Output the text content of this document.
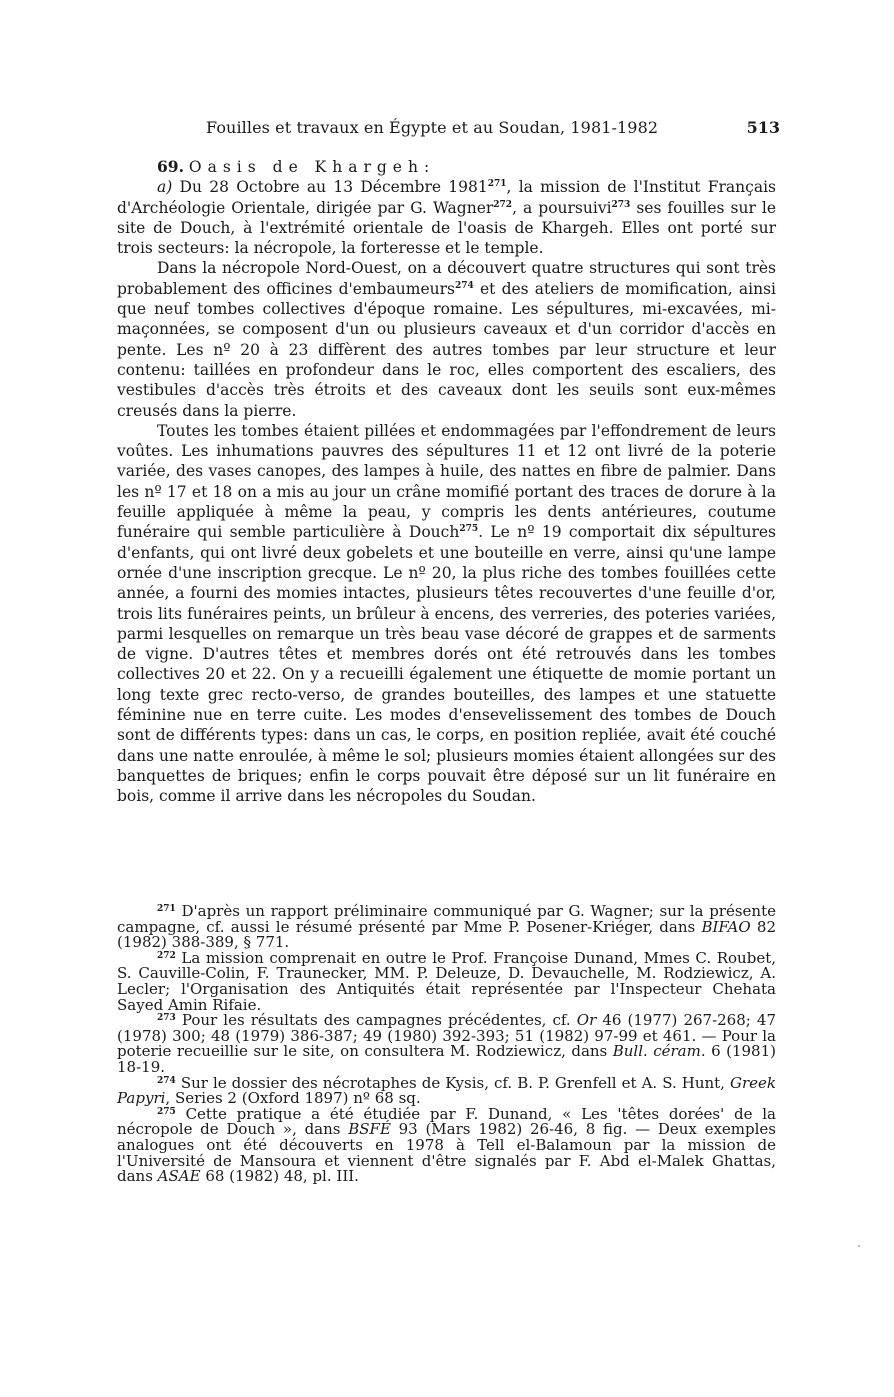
Fouilles et travaux en Égypte et au Soudan, 1981-1982	513

69. Oasis de Khargeh:

a) Du 28 Octobre au 13 Décembre 1981$^{271}$, la mission de l'Institut Français d'Archéologie Orientale, dirigée par G. Wagner$^{272}$, a poursuivi$^{273}$ ses fouilles sur le site de Douch, à l'extrémité orientale de l'oasis de Khargeh. Elles ont porté sur trois secteurs: la nécropole, la forteresse et le temple.

Dans la nécropole Nord-Ouest, on a découvert quatre structures qui sont très probablement des officines d'embaumeurs$^{274}$ et des ateliers de momification, ainsi que neuf tombes collectives d'époque romaine. Les sépultures, mi-excavées, mi-maçonnées, se composent d'un ou plusieurs caveaux et d'un corridor d'accès en pente. Les nº 20 à 23 diffèrent des autres tombes par leur structure et leur contenu: taillées en profondeur dans le roc, elles comportent des escaliers, des vestibules d'accès très étroits et des caveaux dont les seuils sont eux-mêmes creusés dans la pierre.

Toutes les tombes étaient pillées et endommagées par l'effondrement de leurs voûtes. Les inhumations pauvres des sépultures 11 et 12 ont livré de la poterie variée, des vases canopes, des lampes à huile, des nattes en fibre de palmier. Dans les nº 17 et 18 on a mis au jour un crâne momifié portant des traces de dorure à la feuille appliquée à même la peau, y compris les dents antérieures, coutume funéraire qui semble particulière à Douch$^{275}$. Le nº 19 comportait dix sépultures d'enfants, qui ont livré deux gobelets et une bouteille en verre, ainsi qu'une lampe ornée d'une inscription grecque. Le nº 20, la plus riche des tombes fouillées cette année, a fourni des momies intactes, plusieurs têtes recouvertes d'une feuille d'or, trois lits funéraires peints, un brûleur à encens, des verreries, des poteries variées, parmi lesquelles on remarque un très beau vase décoré de grappes et de sarments de vigne. D'autres têtes et membres dorés ont été retrouvés dans les tombes collectives 20 et 22. On y a recueilli également une étiquette de momie portant un long texte grec recto-verso, de grandes bouteilles, des lampes et une statuette féminine nue en terre cuite. Les modes d'ensevelissement des tombes de Douch sont de différents types: dans un cas, le corps, en position repliée, avait été couché dans une natte enroulée, à même le sol; plusieurs momies étaient allongées sur des banquettes de briques; enfin le corps pouvait être déposé sur un lit funéraire en bois, comme il arrive dans les nécropoles du Soudan.

$^{271}$ D'après un rapport préliminaire communiqué par G. Wagner; sur la présente campagne, cf. aussi le résumé présenté par Mme P. Posener-Kriéger, dans BIFAO 82 (1982) 388-389, § 771.

$^{272}$ La mission comprenait en outre le Prof. Françoise Dunand, Mmes C. Roubet, S. Cauville-Colin, F. Traunecker, MM. P. Deleuze, D. Devauchelle, M. Rodziewicz, A. Lecler; l'Organisation des Antiquités était représentée par l'Inspecteur Chehata Sayed Amin Rifaie.

$^{273}$ Pour les résultats des campagnes précédentes, cf. Or 46 (1977) 267-268; 47 (1978) 300; 48 (1979) 386-387; 49 (1980) 392-393; 51 (1982) 97-99 et 461. — Pour la poterie recueillie sur le site, on consultera M. Rodziewicz, dans Bull. céram. 6 (1981) 18-19.

$^{274}$ Sur le dossier des nécrotaphes de Kysis, cf. B. P. Grenfell et A. S. Hunt, Greek Papyri, Series 2 (Oxford 1897) nº 68 sq.

$^{275}$ Cette pratique a été étudiée par F. Dunand, « Les 'têtes dorées' de la nécropole de Douch », dans BSFÉ 93 (Mars 1982) 26-46, 8 fig. — Deux exemples analogues ont été découverts en 1978 à Tell el-Balamoun par la mission de l'Université de Mansoura et viennent d'être signalés par F. Abd el-Malek Ghattas, dans ASAE 68 (1982) 48, pl. III.
